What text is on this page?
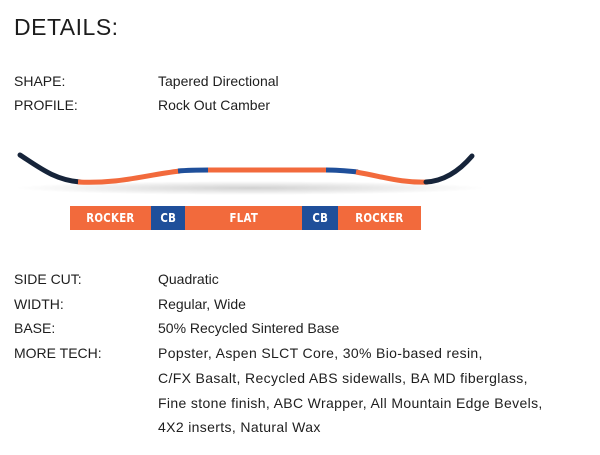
DETAILS:
SHAPE:	Tapered Directional
PROFILE:	Rock Out Camber
ROCKER CB	FLAT	CB ROCKER
SIDE CUT:	Quadratic
WIDTH:	Regular, Wide
BASE:	50% Recycled Sintered Base
MORE TECH:	Popster, Aspen SLCT Core, 30% Bio-based resin,
C/FX Basalt, Recycled ABS sidewalls, BA MD fiberglass,
Fine stone finish, ABC Wrapper, All Mountain Edge Bevels,
4X2 inserts, Natural Wax
